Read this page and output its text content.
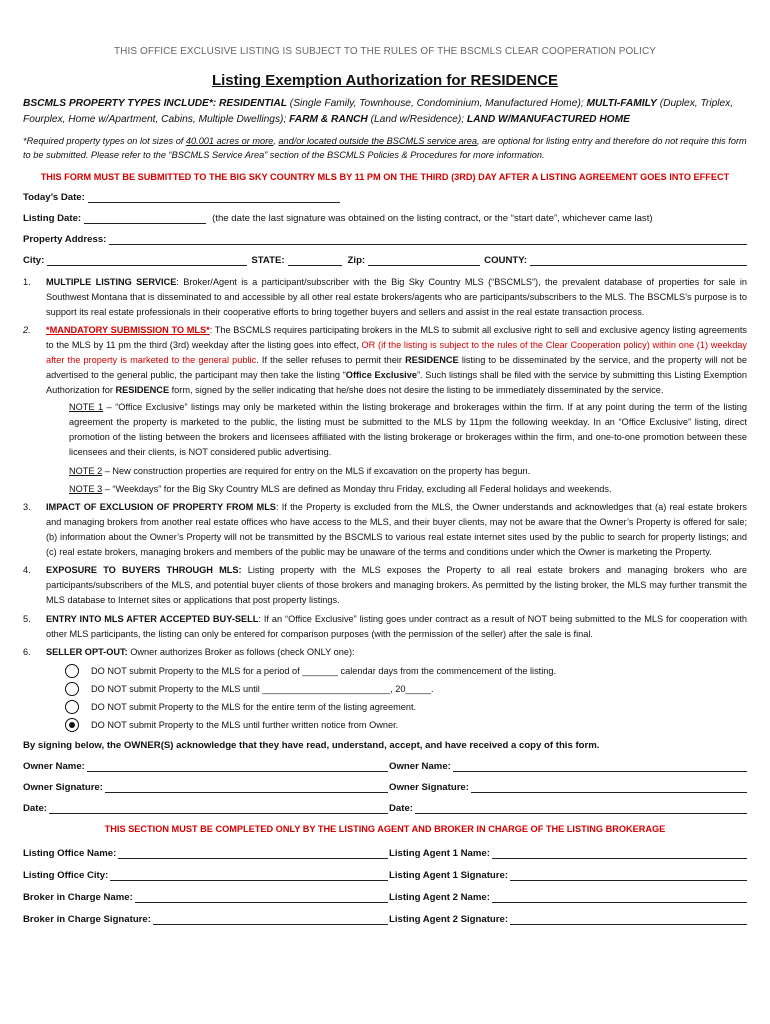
THIS OFFICE EXCLUSIVE LISTING IS SUBJECT TO THE RULES OF THE BSCMLS CLEAR COOPERATION POLICY
Listing Exemption Authorization for RESIDENCE
BSCMLS PROPERTY TYPES INCLUDE*: RESIDENTIAL (Single Family, Townhouse, Condominium, Manufactured Home); MULTI-FAMILY (Duplex, Triplex, Fourplex, Home w/Apartment, Cabins, Multiple Dwellings); FARM & RANCH (Land w/Residence); LAND W/MANUFACTURED HOME
*Required property types on lot sizes of 40.001 acres or more, and/or located outside the BSCMLS service area, are optional for listing entry and therefore do not require this form to be submitted. Please refer to the “BSCMLS Service Area” section of the BSCMLS Policies & Procedures for more information.
THIS FORM MUST BE SUBMITTED TO THE BIG SKY COUNTRY MLS BY 11 PM ON THE THIRD (3RD) DAY AFTER A LISTING AGREEMENT GOES INTO EFFECT
Today’s Date:
Listing Date:	(the date the last signature was obtained on the listing contract, or the “start date”, whichever came last)
Property Address:
City:	STATE:	Zip:	COUNTY:
1.	MULTIPLE LISTING SERVICE: Broker/Agent is a participant/subscriber with the Big Sky Country MLS (“BSCMLS”), the prevalent database of properties for sale in Southwest Montana that is disseminated to and accessible by all other real estate brokers/agents who are participants/subscribers to the MLS. The BSCMLS’s purpose is to support its real estate professionals in their cooperative efforts to bring together buyers and sellers and assist in the real estate transaction process.
2.	*MANDATORY SUBMISSION TO MLS*: The BSCMLS requires participating brokers in the MLS to submit all exclusive right to sell and exclusive agency listing agreements to the MLS by 11 pm the third (3rd) weekday after the listing goes into effect, OR (if the listing is subject to the rules of the Clear Cooperation policy) within one (1) weekday after the property is marketed to the general public. If the seller refuses to permit their RESIDENCE listing to be disseminated by the service, and the property will not be advertised to the general public, the participant may then take the listing “Office Exclusive”. Such listings shall be filed with the service by submitting this Listing Exemption Authorization for RESIDENCE form, signed by the seller indicating that he/she does not desire the listing to be immediately disseminated by the service.
NOTE 1 – “Office Exclusive” listings may only be marketed within the listing brokerage and brokerages within the firm. If at any point during the term of the listing agreement the property is marketed to the public, the listing must be submitted to the MLS by 11pm the following weekday. In an “Office Exclusive” listing, direct promotion of the listing between the brokers and licensees affiliated with the listing brokerage or brokerages within the firm, and one-to-one promotion between these licensees and their clients, is NOT considered public advertising.
NOTE 2 – New construction properties are required for entry on the MLS if excavation on the property has begun.
NOTE 3 – “Weekdays” for the Big Sky Country MLS are defined as Monday thru Friday, excluding all Federal holidays and weekends.
3.	IMPACT OF EXCLUSION OF PROPERTY FROM MLS: If the Property is excluded from the MLS, the Owner understands and acknowledges that (a) real estate brokers and managing brokers from another real estate offices who have access to the MLS, and their buyer clients, may not be aware that the Owner’s Property is offered for sale; (b) information about the Owner’s Property will not be transmitted by the BSCMLS to various real estate internet sites used by the public to search for property listings; and (c) real estate brokers, managing brokers and members of the public may be unaware of the terms and conditions under which the Owner is marketing the Property.
4.	EXPOSURE TO BUYERS THROUGH MLS: Listing property with the MLS exposes the Property to all real estate brokers and managing brokers who are participants/subscribers of the MLS, and potential buyer clients of those brokers and managing brokers. As permitted by the listing broker, the MLS may further transmit the MLS database to Internet sites or applications that post property listings.
5.	ENTRY INTO MLS AFTER ACCEPTED BUY-SELL: If an “Office Exclusive” listing goes under contract as a result of NOT being submitted to the MLS for cooperation with other MLS participants, the listing can only be entered for comparison purposes (with the permission of the seller) after the sale is final.
6.	SELLER OPT-OUT: Owner authorizes Broker as follows (check ONLY one):
DO NOT submit Property to the MLS for a period of _______ calendar days from the commencement of the listing.
DO NOT submit Property to the MLS until _________________________, 20_____.
DO NOT submit Property to the MLS for the entire term of the listing agreement.
DO NOT submit Property to the MLS until further written notice from Owner.
By signing below, the OWNER(S) acknowledge that they have read, understand, accept, and have received a copy of this form.
Owner Name:	Owner Name:
Owner Signature:	Owner Signature:
Date:	Date:
THIS SECTION MUST BE COMPLETED ONLY BY THE LISTING AGENT AND BROKER IN CHARGE OF THE LISTING BROKERAGE
Listing Office Name:	Listing Agent 1 Name:
Listing Office City:	Listing Agent 1 Signature:
Broker in Charge Name:	Listing Agent 2 Name:
Broker in Charge Signature:	Listing Agent 2 Signature:
